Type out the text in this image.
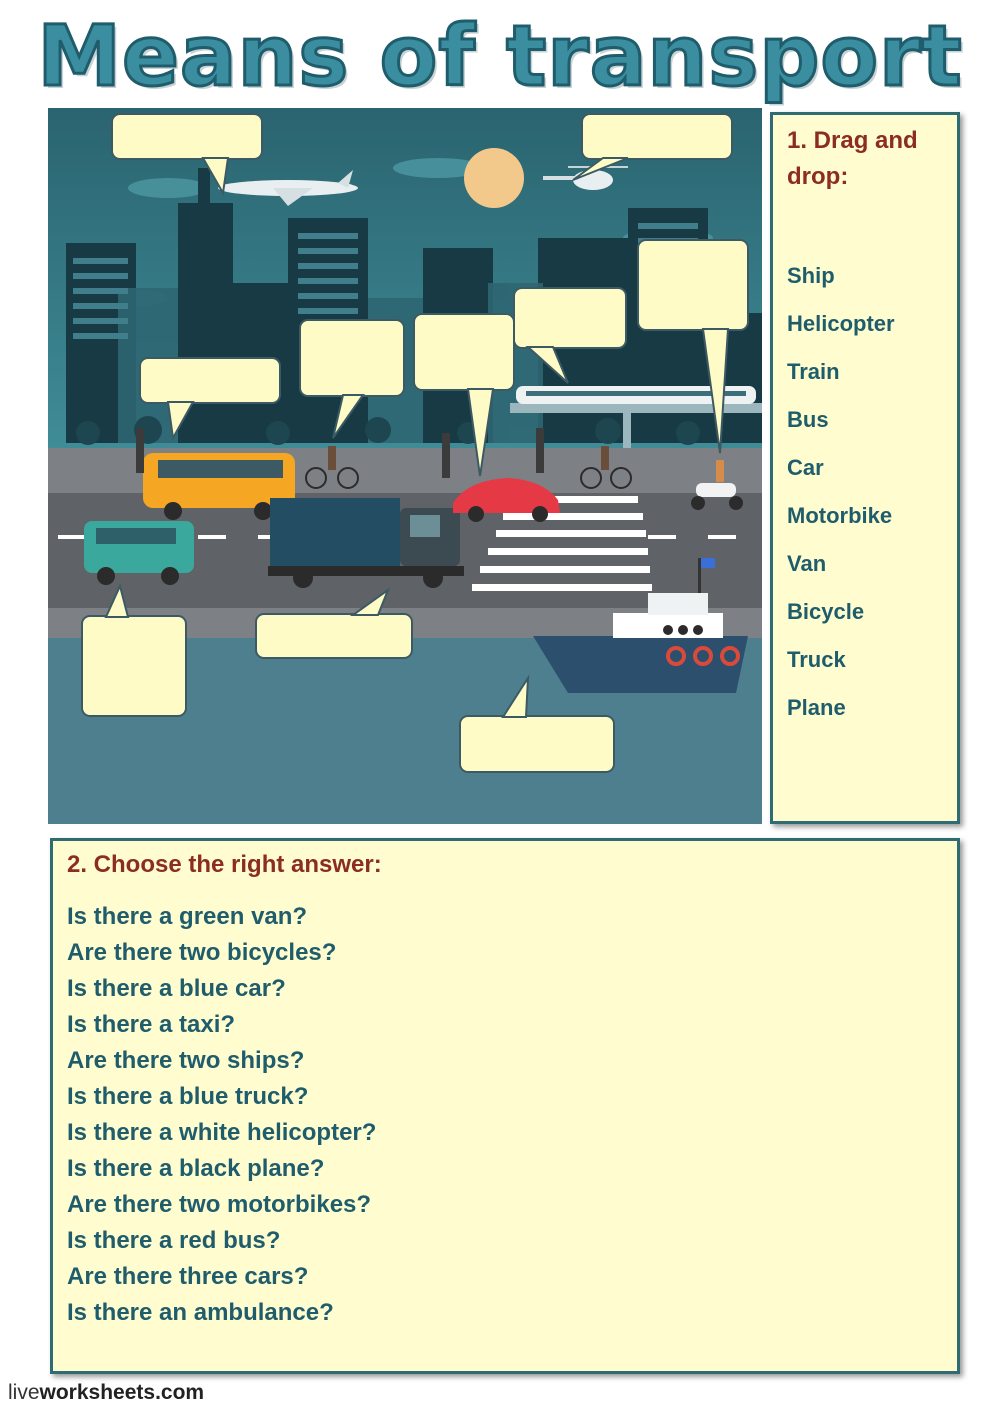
Means of transport
1. Drag and drop:
Ship
Helicopter
Train
Bus
Car
Motorbike
Van
Bicycle
Truck
Plane
2. Choose the right answer:
Is there a green van?
Are there two bicycles?
Is there a blue car?
Is there a taxi?
Are there two ships?
Is there a blue truck?
Is there a white helicopter?
Is there a black plane?
Are there two motorbikes?
Is there a red bus?
Are there three cars?
Is there an ambulance?
liveworksheets.com
